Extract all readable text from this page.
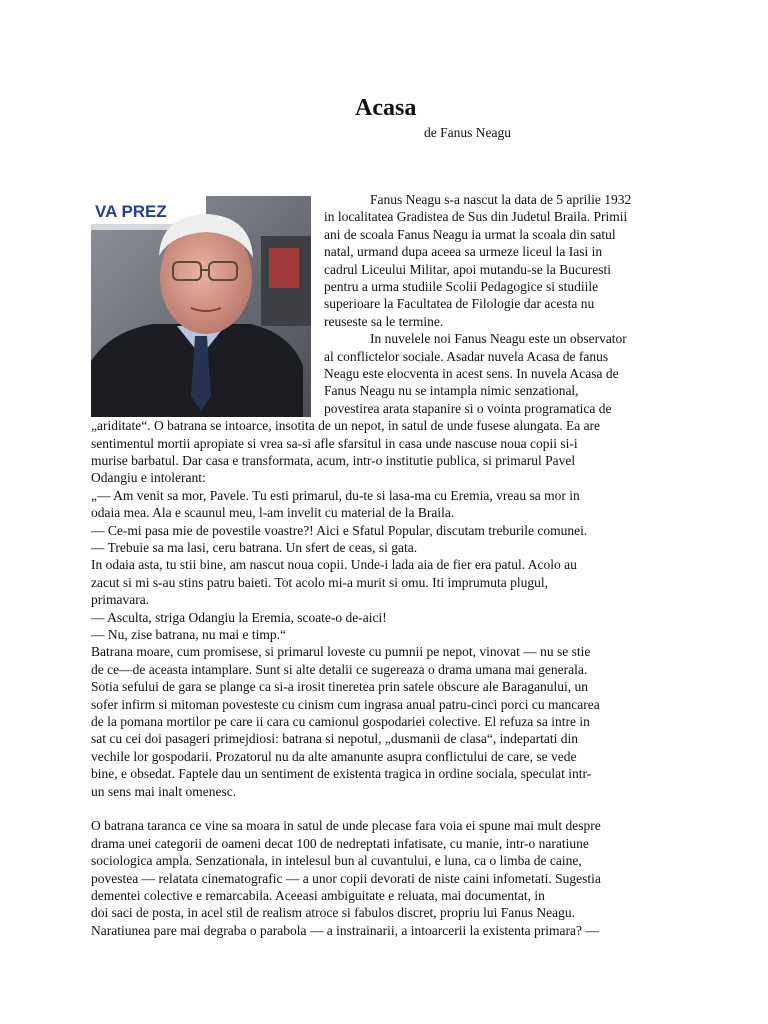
Acasa
de Fanus Neagu
VA PREZ
Fanus Neagu s-a nascut la data de 5 aprilie 1932
in localitatea Gradistea de Sus din Judetul Braila. Primii
ani de scoala Fanus Neagu ia urmat la scoala din satul
natal, urmand dupa aceea sa urmeze liceul la Iasi in
cadrul Liceului Militar, apoi mutandu-se la Bucuresti
pentru a urma studiile Scolii Pedagogice si studiile
superioare la Facultatea de Filologie dar acesta nu
reuseste sa le termine.
In nuvelele noi Fanus Neagu este un observator
al conflictelor sociale. Asadar nuvela Acasa de fanus
Neagu este elocventa in acest sens. In nuvela Acasa de
Fanus Neagu nu se intampla nimic senzational,
povestirea arata stapanire si o vointa programatica de
„ariditate“. O batrana se intoarce, insotita de un nepot, in satul de unde fusese alungata. Ea are
sentimentul mortii apropiate si vrea sa-si afle sfarsitul in casa unde nascuse noua copii si-i
murise barbatul. Dar casa e transformata, acum, intr-o institutie publica, si primarul Pavel
Odangiu e intolerant:
„— Am venit sa mor, Pavele. Tu esti primarul, du-te si lasa-ma cu Eremia, vreau sa mor in
odaia mea. Ala e scaunul meu, l-am invelit cu material de la Braila.
— Ce-mi pasa mie de povestile voastre?! Aici e Sfatul Popular, discutam treburile comunei.
— Trebuie sa ma lasi, ceru batrana. Un sfert de ceas, si gata.
In odaia asta, tu stii bine, am nascut noua copii. Unde-i lada aia de fier era patul. Acolo au
zacut si mi s-au stins patru baieti. Tot acolo mi-a murit si omu. Iti imprumuta plugul,
primavara.
— Asculta, striga Odangiu la Eremia, scoate-o de-aici!
— Nu, zise batrana, nu mai e timp.“
Batrana moare, cum promisese, si primarul loveste cu pumnii pe nepot, vinovat — nu se stie
de ce—de aceasta intamplare. Sunt si alte detalii ce sugereaza o drama umana mai generala.
Sotia sefului de gara se plange ca si-a irosit tineretea prin satele obscure ale Baraganului, un
sofer infirm si mitoman povesteste cu cinism cum ingrasa anual patru-cinci porci cu mancarea
de la pomana mortilor pe care ii cara cu camionul gospodariei colective. El refuza sa intre in
sat cu cei doi pasageri primejdiosi: batrana si nepotul, „dusmanii de clasa“, indepartati din
vechile lor gospodarii. Prozatorul nu da alte amanunte asupra conflictului de care, se vede
bine, e obsedat. Faptele dau un sentiment de existenta tragica in ordine sociala, speculat intr-
un sens mai inalt omenesc.
O batrana taranca ce vine sa moara in satul de unde plecase fara voia ei spune mai mult despre
drama unei categorii de oameni decat 100 de nedreptati infatisate, cu manie, intr-o naratiune
sociologica ampla. Senzationala, in intelesul bun al cuvantului, e luna, ca o limba de caine,
povestea — relatata cinematografic — a unor copii devorati de niste caini infometati. Sugestia
dementei colective e remarcabila. Aceeasi ambiguitate e reluata, mai documentat, in
doi saci de posta, in acel stil de realism atroce si fabulos discret, propriu lui Fanus Neagu.
Naratiunea pare mai degraba o parabola — a instrainarii, a intoarcerii la existenta primara? —
